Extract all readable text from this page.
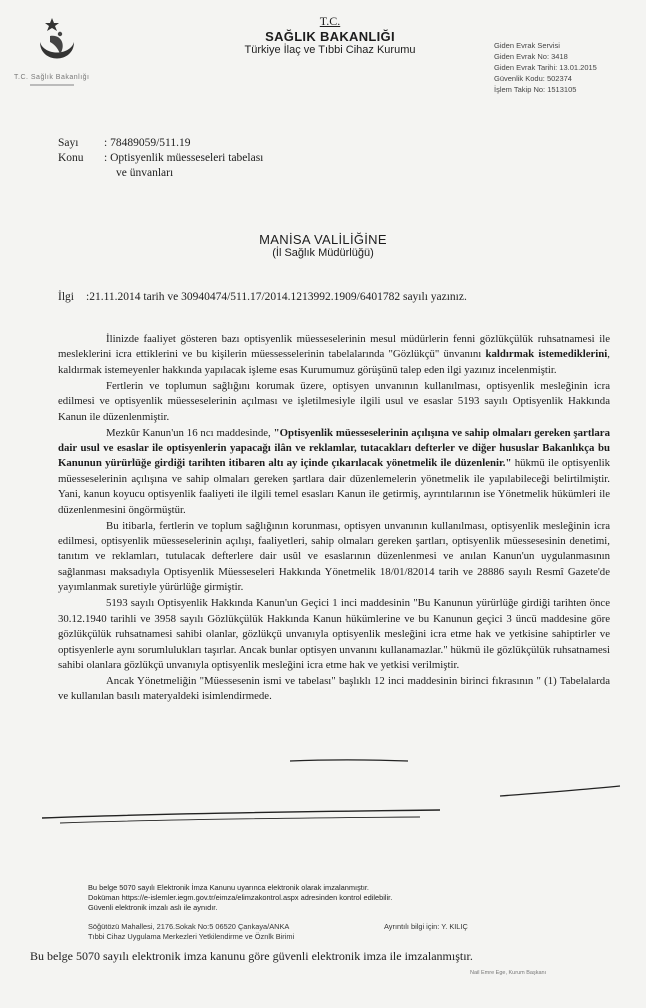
T.C. Sağlık Bakanlığı
T.C.
SAĞLIK BAKANLIĞI
Türkiye İlaç ve Tıbbi Cihaz Kurumu	Giden Evrak Servisi
Giden Evrak No: 3418
Giden Evrak Tarihi: 13.01.2015
Güvenlik Kodu: 502374
İşlem Takip No: 1513105
Sayı : 78489059/511.19
Konu : Optisyenlik müesseseleri tabelası
ve ünvanları
MANİSA VALİLİĞİNE
(İl Sağlık Müdürlüğü)
İlgi :21.11.2014 tarih ve 30940474/511.17/2014.1213992.1909/6401782 sayılı yazınız.

İlinizde faaliyet gösteren bazı optisyenlik müesseselerinin mesul müdürlerin fenni gözlükçülük ruhsatnamesi ile mesleklerini icra ettiklerini ve bu kişilerin müessesselerinin tabelalarında "Gözlükçü" ünvanını kaldırmak istemediklerini, kaldırmak istemeyenler hakkında yapılacak işleme esas Kurumumuz görüşünü talep eden ilgi yazınız incelenmiştir.

Fertlerin ve toplumun sağlığını korumak üzere, optisyen unvanının kullanılması, optisyenlik mesleğinin icra edilmesi ve optisyenlik müesseselerinin açılması ve işletilmesiyle ilgili usul ve esaslar 5193 sayılı Optisyenlik Hakkında Kanun ile düzenlenmiştir.

Mezkûr Kanun'un 16 ncı maddesinde, "Optisyenlik müesseselerinin açılışına ve sahip olmaları gereken şartlara dair usul ve esaslar ile optisyenlerin yapacağı ilân ve reklamlar, tutacakları defterler ve diğer hususlar Bakanlıkça bu Kanunun yürürlüğe girdiği tarihten itibaren altı ay içinde çıkarılacak yönetmelik ile düzenlenir." hükmü ile optisyenlik müesseselerinin açılışına ve sahip olmaları gereken şartlara dair düzenlemelerin yönetmelik ile yapılabileceği belirtilmiştir. Yani, kanun koyucu optisyenlik faaliyeti ile ilgili temel esasları Kanun ile getirmiş, ayrıntılarının ise Yönetmelik hükümleri ile düzenlenmesini öngörmüştür.

Bu itibarla, fertlerin ve toplum sağlığının korunması, optisyen unvanının kullanılması, optisyenlik mesleğinin icra edilmesi, optisyenlik müesseselerinin açılışı, faaliyetleri, sahip olmaları gereken şartları, optisyenlik müessesesinin denetimi, tanıtım ve reklamları, tutulacak defterlere dair usûl ve esaslarının düzenlenmesi ve anılan Kanun'un uygulanmasının sağlanması maksadıyla Optisyenlik Müesseseleri Hakkında Yönetmelik 18/01/82014 tarih ve 28886 sayılı Resmî Gazete'de yayımlanmak suretiyle yürürlüğe girmiştir.

5193 sayılı Optisyenlik Hakkında Kanun'un Geçici 1 inci maddesinin "Bu Kanunun yürürlüğe girdiği tarihten önce 30.12.1940 tarihli ve 3958 sayılı Gözlükçülük Hakkında Kanun hükümlerine ve bu Kanunun geçici 3 üncü maddesine göre gözlükçülük ruhsatnamesi sahibi olanlar, gözlükçü unvanıyla optisyenlik mesleğini icra etme hak ve yetkisine sahiptirler ve optisyenlerle aynı sorumlulukları taşırlar. Ancak bunlar optisyen unvanını kullanamazlar." hükmü ile gözlükçülük ruhsatnamesi sahibi olanlara gözlükçü unvanıyla optisyenlik mesleğini icra etme hak ve yetkisi verilmiştir.

Ancak Yönetmeliğin "Müessesenin ismi ve tabelası" başlıklı 12 inci maddesinin birinci fıkrasının " (1) Tabelalarda ve kullanılan basılı materyaldeki isimlendirmede.

Bu belge 5070 sayılı Elektronik İmza Kanunu uyarınca elektronik olarak imzalanmıştır.
Doküman https://e-islemler.iegm.gov.tr/eimza/elimzakontrol.aspx adresinden kontrol edilebilir.
Güvenli elektronik imzalı aslı ile aynıdır.
Söğütözü Mahallesi, 2176.Sokak No:5 06520 Çankaya/ANKA
Tıbbi Cihaz Uygulama Merkezleri Yetkilendirme ve Öznlk Birimi
Ayrıntılı bilgi için: Y. KILIÇ
Bu belge 5070 sayılı elektronik imza kanunu göre güvenli elektronik imza ile imzalanmıştır.
Nail Emre Ege, Kurum Başkanı
